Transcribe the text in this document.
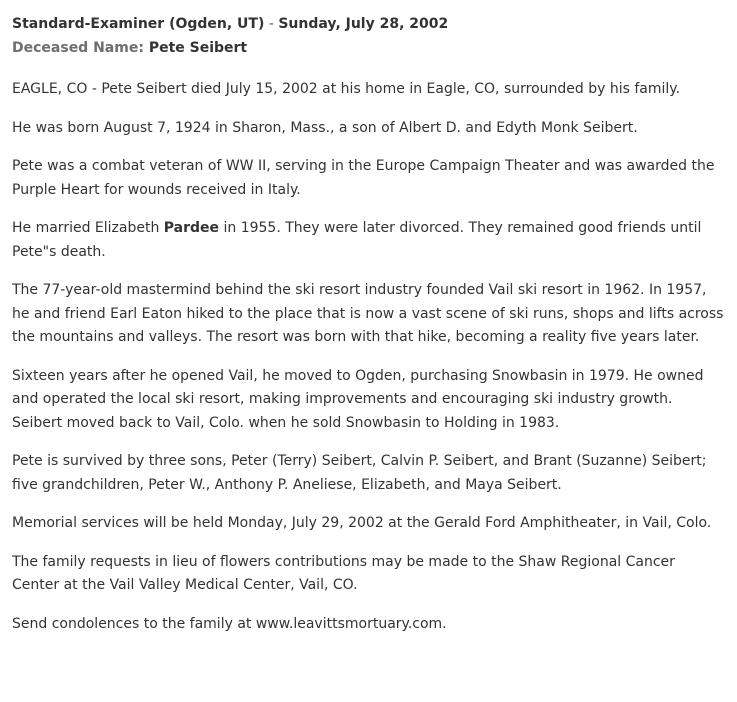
Standard-Examiner (Ogden, UT) - Sunday, July 28, 2002

Deceased Name: Pete Seibert

EAGLE, CO - Pete Seibert died July 15, 2002 at his home in Eagle, CO, surrounded by his family.

He was born August 7, 1924 in Sharon, Mass., a son of Albert D. and Edyth Monk Seibert.

Pete was a combat veteran of WW II, serving in the Europe Campaign Theater and was awarded the Purple Heart for wounds received in Italy.

He married Elizabeth Pardee in 1955. They were later divorced. They remained good friends until Pete"s death.

The 77-year-old mastermind behind the ski resort industry founded Vail ski resort in 1962. In 1957, he and friend Earl Eaton hiked to the place that is now a vast scene of ski runs, shops and lifts across the mountains and valleys. The resort was born with that hike, becoming a reality five years later.

Sixteen years after he opened Vail, he moved to Ogden, purchasing Snowbasin in 1979. He owned and operated the local ski resort, making improvements and encouraging ski industry growth. Seibert moved back to Vail, Colo. when he sold Snowbasin to Holding in 1983.

Pete is survived by three sons, Peter (Terry) Seibert, Calvin P. Seibert, and Brant (Suzanne) Seibert; five grandchildren, Peter W., Anthony P. Aneliese, Elizabeth, and Maya Seibert.

Memorial services will be held Monday, July 29, 2002 at the Gerald Ford Amphitheater, in Vail, Colo.

The family requests in lieu of flowers contributions may be made to the Shaw Regional Cancer Center at the Vail Valley Medical Center, Vail, CO.

Send condolences to the family at www.leavittsmortuary.com.
